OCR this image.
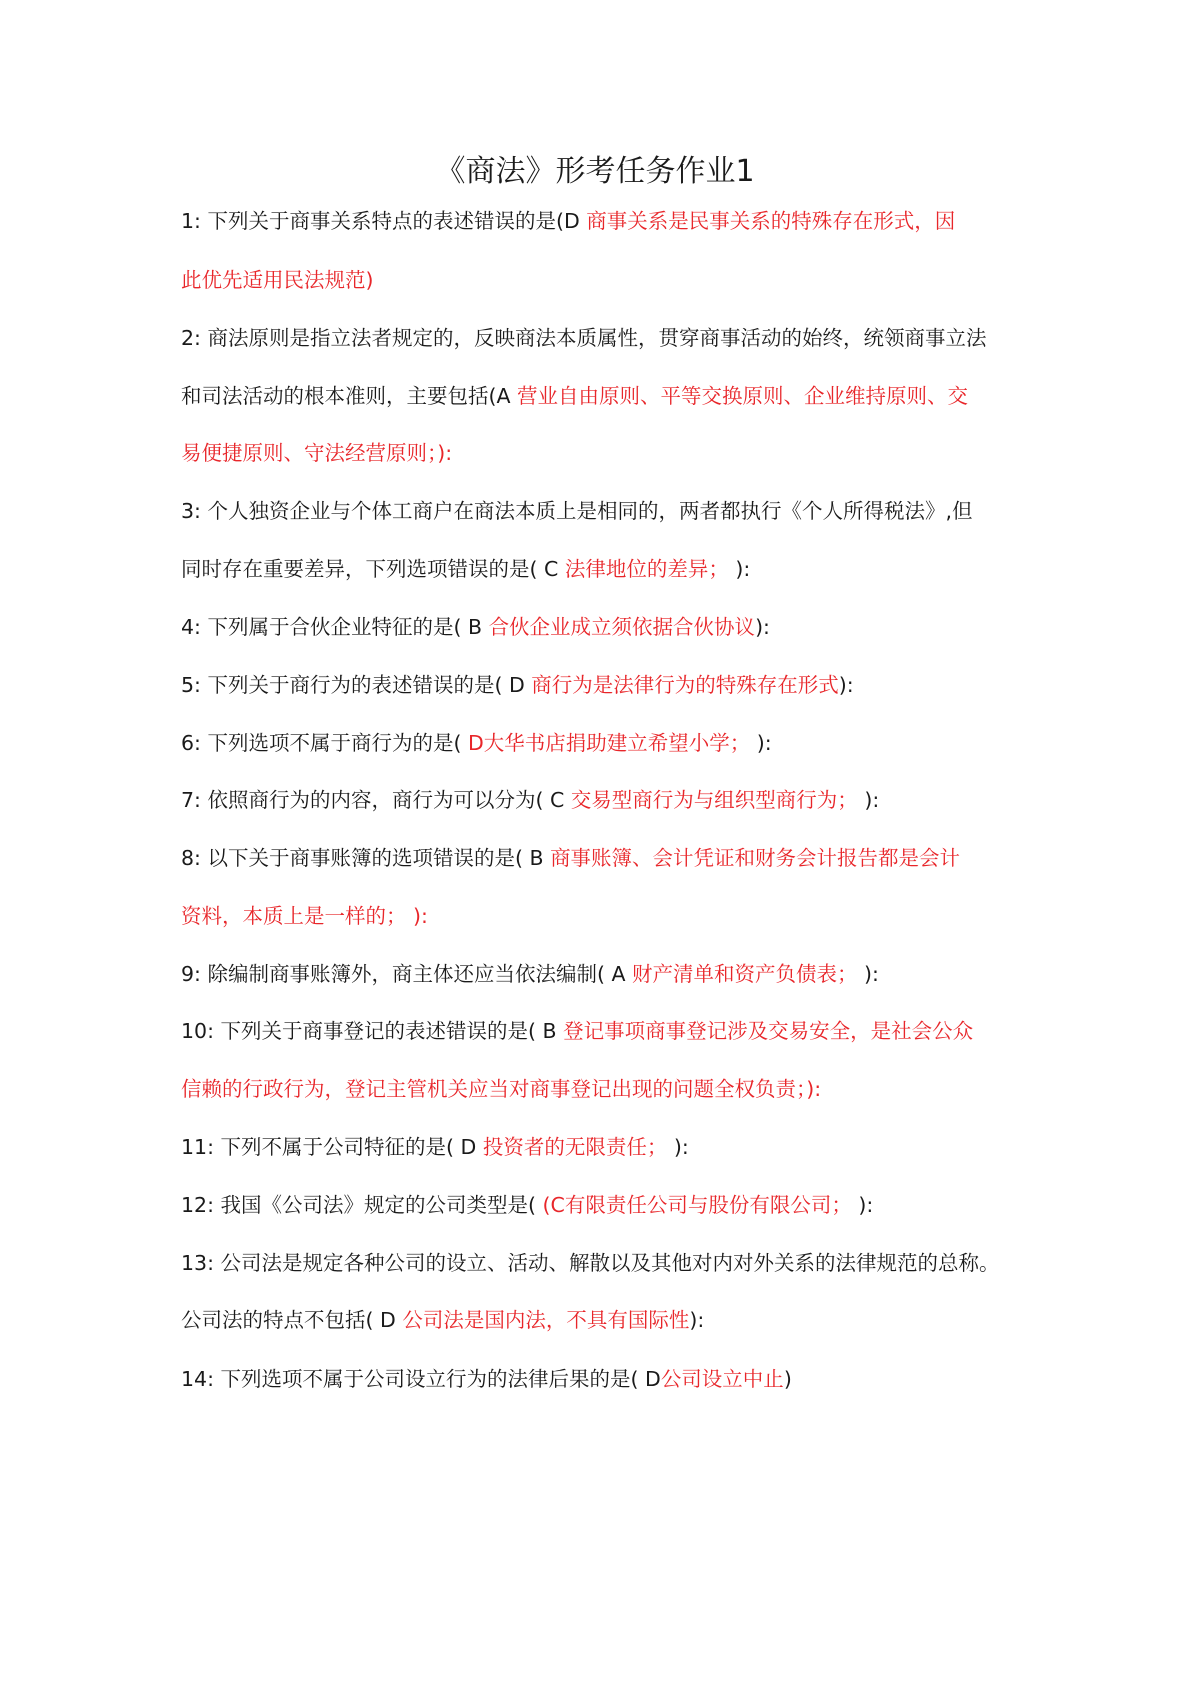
《商法》形考任务作业1
1: 下列关于商事关系特点的表述错误的是(D 商事关系是民事关系的特殊存在形式，因
此优先适用民法规范)
2: 商法原则是指立法者规定的，反映商法本质属性，贯穿商事活动的始终，统领商事立法
和司法活动的根本准则，主要包括(A 营业自由原则、平等交换原则、企业维持原则、交
易便捷原则、守法经营原则；):
3: 个人独资企业与个体工商户在商法本质上是相同的，两者都执行《个人所得税法》,但
同时存在重要差异，下列选项错误的是( C 法律地位的差异； ):
4: 下列属于合伙企业特征的是( B 合伙企业成立须依据合伙协议):
5: 下列关于商行为的表述错误的是( D 商行为是法律行为的特殊存在形式):
6: 下列选项不属于商行为的是( D大华书店捐助建立希望小学； ):
7: 依照商行为的内容，商行为可以分为( C 交易型商行为与组织型商行为； ):
8: 以下关于商事账簿的选项错误的是( B 商事账簿、会计凭证和财务会计报告都是会计
资料，本质上是一样的； ):
9: 除编制商事账簿外，商主体还应当依法编制( A 财产清单和资产负债表； ):
10: 下列关于商事登记的表述错误的是( B 登记事项商事登记涉及交易安全，是社会公众
信赖的行政行为，登记主管机关应当对商事登记出现的问题全权负责；):
11: 下列不属于公司特征的是( D 投资者的无限责任； ):
12: 我国《公司法》规定的公司类型是( (C有限责任公司与股份有限公司； ):
13: 公司法是规定各种公司的设立、活动、解散以及其他对内对外关系的法律规范的总称。
公司法的特点不包括( D 公司法是国内法，不具有国际性):
14: 下列选项不属于公司设立行为的法律后果的是( D公司设立中止)
